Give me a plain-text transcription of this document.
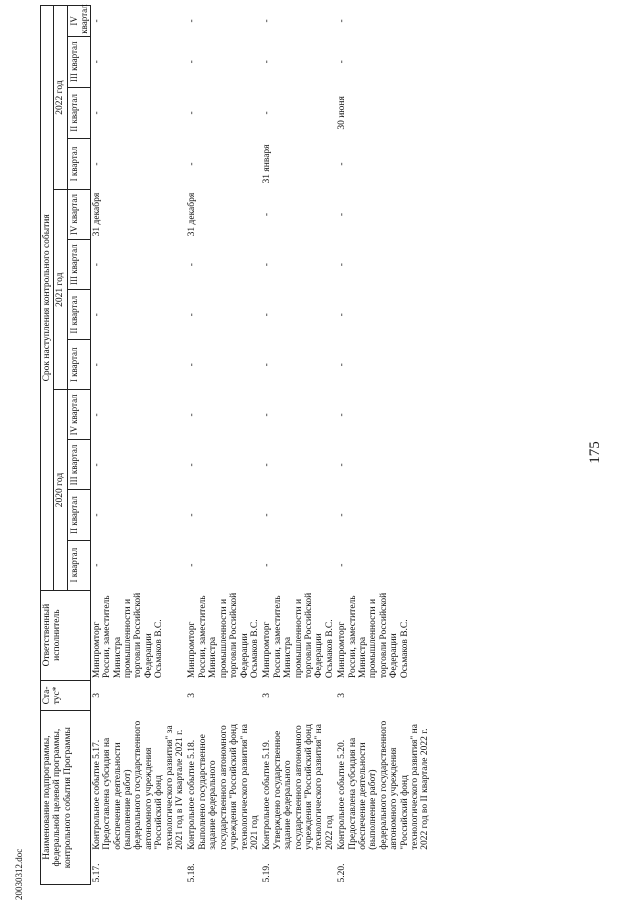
175
Наименование подпрограммы, федеральной целевой программы, контрольного события Программы		Ста-тус*	Ответственный исполнитель	Срок наступления контрольного события											
				2020 год				2021 год				2022 год			
				I квартал	II квартал	III квартал	IV квартал	I квартал	II квартал	III квартал	IV квартал	I квартал	II квартал	III квартал	IV квартал
5.17.	Контрольное событие 5.17. Предоставлена субсидия на обеспечение деятельности (выполнение работ) федерального государственного автономного учреждения "Российский фонд технологического развития" за 2021 год в IV квартале 2021 г.	3	Минпромторг России, заместитель Министра промышленности и торговли Российской Федерации Осьмаков В.С.	-	-	-	-	-	-	-	31 декабря	-	-	-	-
5.18.	Контрольное событие 5.18. Выполнено государственное задание федерального государственного автономного учреждения "Российский фонд технологического развития" на 2021 год	3	Минпромторг России, заместитель Министра промышленности и торговли Российской Федерации Осьмаков В.С.	-	-	-	-	-	-	-	31 декабря	-	-	-	-
5.19.	Контрольное событие 5.19. Утверждено государственное задание федерального государственного автономного учреждения "Российский фонд технологического развития" на 2022 год	3	Минпромторг России, заместитель Министра промышленности и торговли Российской Федерации Осьмаков В.С.	-	-	-	-	-	-	-	-	31 января	-	-	-
5.20.	Контрольное событие 5.20. Предоставлена субсидия на обеспечение деятельности (выполнение работ) федерального государственного автономного учреждения "Российский фонд технологического развития" на 2022 год во II квартале 2022 г.	3	Минпромторг России, заместитель Министра промышленности и торговли Российской Федерации Осьмаков В.С.	-	-	-	-	-	-	-	-	-	30 июня	-	-
20030312.doc
